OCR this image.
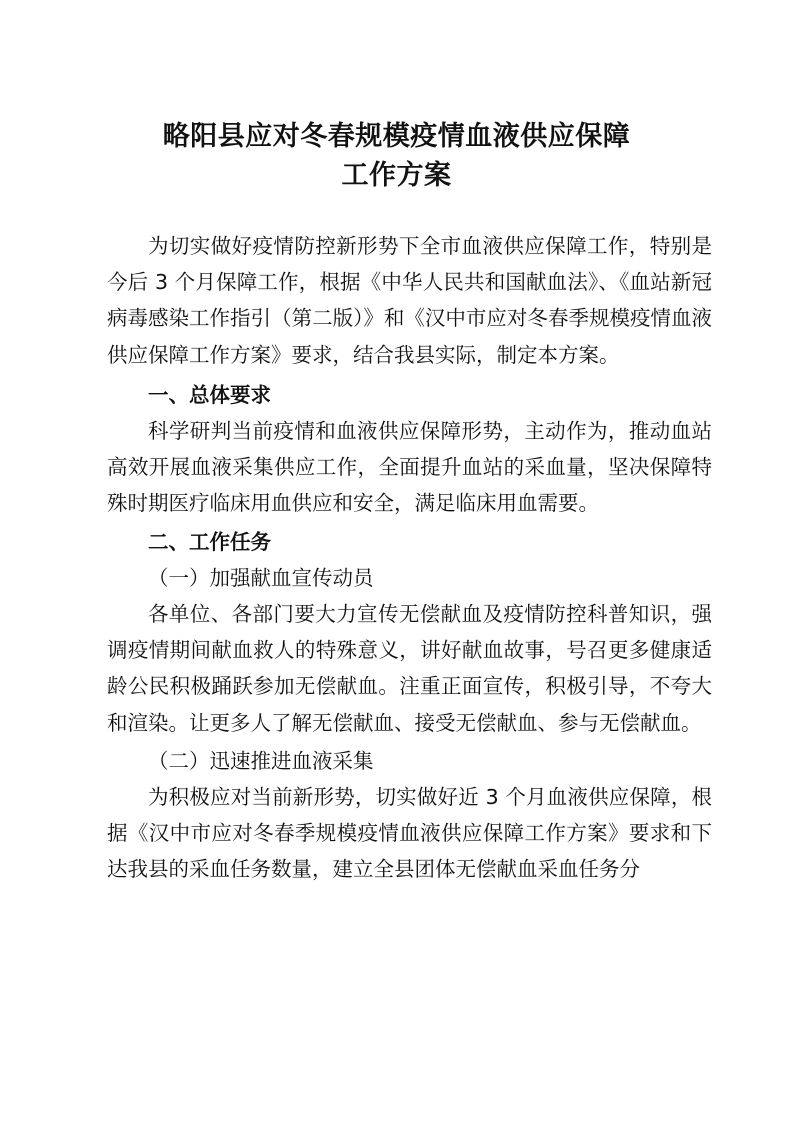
略阳县应对冬春规模疫情血液供应保障
工作方案

为切实做好疫情防控新形势下全市血液供应保障工作，特别是今后 3 个月保障工作，根据《中华人民共和国献血法》、《血站新冠病毒感染工作指引（第二版）》和《汉中市应对冬春季规模疫情血液供应保障工作方案》要求，结合我县实际，制定本方案。

一、总体要求

科学研判当前疫情和血液供应保障形势，主动作为，推动血站高效开展血液采集供应工作，全面提升血站的采血量，坚决保障特殊时期医疗临床用血供应和安全，满足临床用血需要。

二、工作任务

（一）加强献血宣传动员

各单位、各部门要大力宣传无偿献血及疫情防控科普知识，强调疫情期间献血救人的特殊意义，讲好献血故事，号召更多健康适龄公民积极踊跃参加无偿献血。注重正面宣传，积极引导，不夸大和渲染。让更多人了解无偿献血、接受无偿献血、参与无偿献血。

（二）迅速推进血液采集

为积极应对当前新形势，切实做好近 3 个月血液供应保障，根据《汉中市应对冬春季规模疫情血液供应保障工作方案》要求和下达我县的采血任务数量，建立全县团体无偿献血采血任务分
